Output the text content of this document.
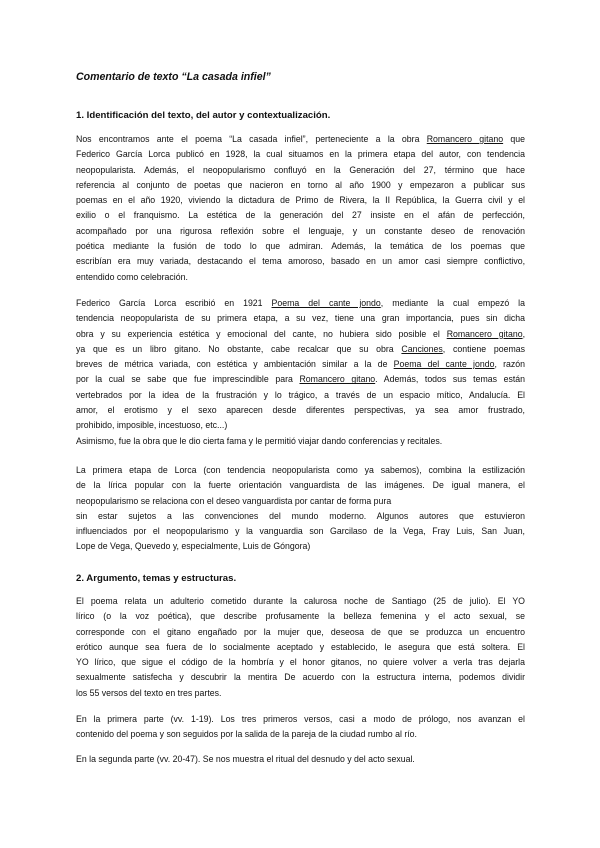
Comentario de texto “La casada infiel”
1. Identificación del texto, del autor y contextualización.
Nos encontramos ante el poema “La casada infiel”, perteneciente a la obra Romancero gitano que
Federico García Lorca publicó en 1928, la cual situamos en la primera etapa del autor, con tendencia
neopopularista. Además, el neopopularismo confluyó en la Generación del 27, término que hace
referencia al conjunto de poetas que nacieron en torno al año 1900 y empezaron a publicar sus
poemas en el año 1920, viviendo la dictadura de Primo de Rivera, la II República, la Guerra civil y el
exilio o el franquismo. La estética de la generación del 27 insiste en el afán de perfección,
acompañado por una rigurosa reflexión sobre el lenguaje, y un constante deseo de renovación
poética mediante la fusión de todo lo que admiran. Además, la temática de los poemas que
escribían era muy variada, destacando el tema amoroso, basado en un amor casi siempre conflictivo,
entendido como celebración.
Federico García Lorca escribió en 1921 Poema del cante jondo, mediante la cual empezó la
tendencia neopopularista de su primera etapa, a su vez, tiene una gran importancia, pues sin dicha
obra y su experiencia estética y emocional del cante, no hubiera sido posible el Romancero gitano,
ya que es un libro gitano. No obstante, cabe recalcar que su obra Canciones, contiene poemas
breves de métrica variada, con estética y ambientación similar a la de Poema del cante jondo, razón
por la cual se sabe que fue imprescindible para Romancero gitano. Además, todos sus temas están
vertebrados por la idea de la frustración y lo trágico, a través de un espacio mítico, Andalucía. El
amor, el erotismo y el sexo aparecen desde diferentes perspectivas, ya sea amor frustrado,
prohibido, imposible, incestuoso, etc...)
Asimismo, fue la obra que le dio cierta fama y le permitió viajar dando conferencias y recitales.
La primera etapa de Lorca (con tendencia neopopularista como ya sabemos), combina la estilización
de la lírica popular con la fuerte orientación vanguardista de las imágenes. De igual manera, el
neopopularismo se relaciona con el deseo vanguardista por cantar de forma pura
sin estar sujetos a las convenciones del mundo moderno. Algunos autores que estuvieron
influenciados por el neopopularismo y la vanguardia son Garcilaso de la Vega, Fray Luis, San Juan,
Lope de Vega, Quevedo y, especialmente, Luis de Góngora)
2. Argumento, temas y estructuras.
El poema relata un adulterio cometido durante la calurosa noche de Santiago (25 de julio). El YO
lírico (o la voz poética), que describe profusamente la belleza femenina y el acto sexual, se
corresponde con el gitano engañado por la mujer que, deseosa de que se produzca un encuentro
erótico aunque sea fuera de lo socialmente aceptado y establecido, le asegura que está soltera. El
YO lírico, que sigue el código de la hombría y el honor gitanos, no quiere volver a verla tras dejarla
sexualmente satisfecha y descubrir la mentira De acuerdo con la estructura interna, podemos dividir
los 55 versos del texto en tres partes.
En la primera parte (vv. 1-19). Los tres primeros versos, casi a modo de prólogo, nos avanzan el
contenido del poema y son seguidos por la salida de la pareja de la ciudad rumbo al río.
En la segunda parte (vv. 20-47). Se nos muestra el ritual del desnudo y del acto sexual.
